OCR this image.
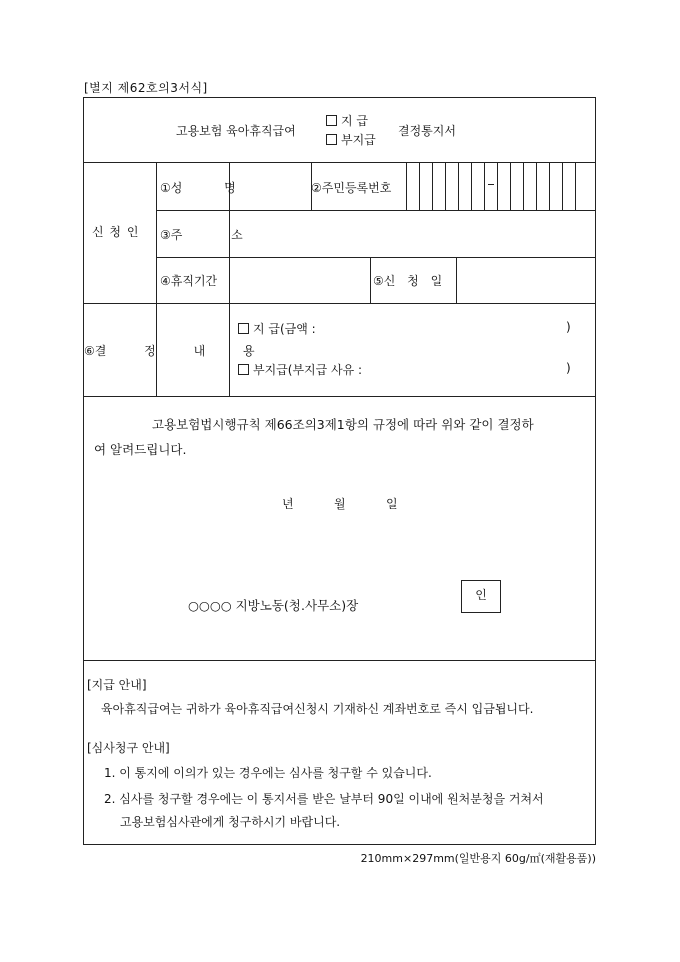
[별지 제62호의3서식]
고용보험 육아휴직급여
지 급
부지급
결정통지서
신 청 인
①성 명	②주민등록번호
③주 소
④휴직기간	⑤신 청 일
⑥결 정 내 용
지 급(금액 :	)
부지급(부지급 사유 :	)
고용보험법시행규칙 제66조의3제1항의 규정에 따라 위와 같이 결정하
여 알려드립니다.
년	월	일
○○○○ 지방노동(청․사무소)장
인
[지급 안내]
육아휴직급여는 귀하가 육아휴직급여신청시 기재하신 계좌번호로 즉시 입금됩니다.
[심사청구 안내]
1. 이 통지에 이의가 있는 경우에는 심사를 청구할 수 있습니다.
2. 심사를 청구할 경우에는 이 통지서를 받은 날부터 90일 이내에 원처분청을 거쳐서
고용보험심사관에게 청구하시기 바랍니다.
210mm×297mm(일반용지 60g/㎡(재활용품))
